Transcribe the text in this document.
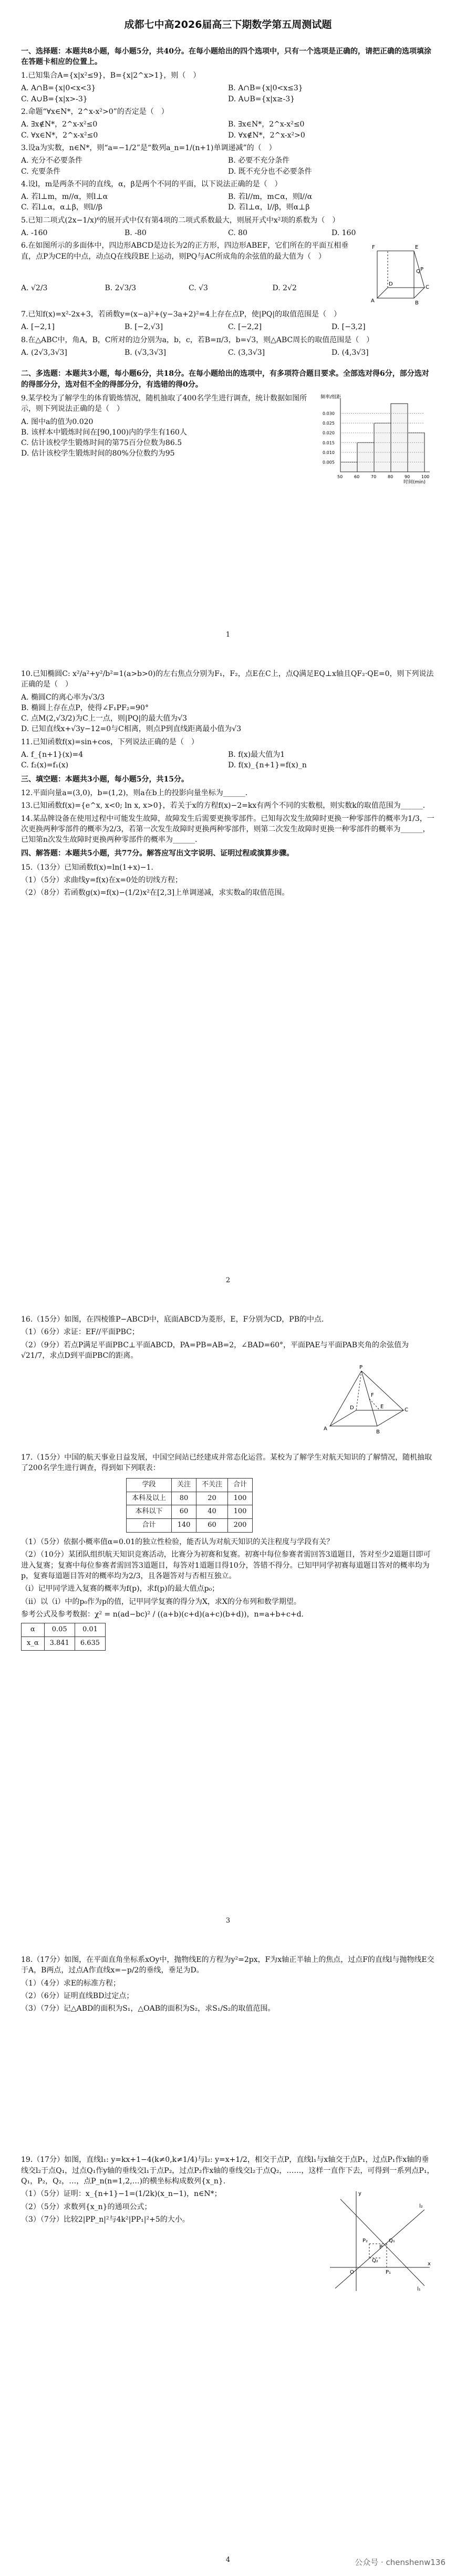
成都七中高2026届高三下期数学第五周测试题
一、选择题：本题共8小题，每小题5分，共40分。在每小题给出的四个选项中，只有一个选项是正确的，请把正确的选项填涂在答题卡相应的位置上。
1.已知集合A={x|x²≤9}，B={x|2^x>1}，则（　）
A. A∩B={x|0<x<3}	B. A∩B={x|0<x≤3}
C. A∪B={x|x>-3}	D. A∪B={x|x≥-3}
2.命题“∀x∈N*，2^x-x²>0”的否定是（　）
A. ∃x∉N*，2^x-x²≤0	B. ∃x∈N*，2^x-x²≤0
C. ∀x∈N*，2^x-x²≤0	D. ∀x∉N*，2^x-x²>0
3.设a为实数，n∈N*，则“a=−1/2”是“数列a_n=1/(n+1)单调递减”的（　）
A. 充分不必要条件	B. 必要不充分条件
C. 充要条件	D. 既不充分也不必要条件
4.设l，m是两条不同的直线，α，β是两个不同的平面，以下说法正确的是（　）
A. 若l⊥m，m//α，则l⊥α	B. 若l//m，m⊂α，则l//α
C. 若l⊥α，α⊥β，则l//β	D. 若l⊥α，l//β，则α⊥β
5.已知二项式(2x−1/x)⁶的展开式中仅有第4项的二项式系数最大，则展开式中x²项的系数为（　）
A. -160	B. -80	C. 80	D. 160
6.在如图所示的多面体中，四边形ABCD是边长为2的正方形，四边形ABEF，它们所在的平面互相垂直，点P为CE的中点，动点Q在线段BE上运动，则PQ与AC所成角的余弦值的最大值为（　）
A	B
C
D
E
F
P
Q
A. √2/3	B. 2√3/3	C. √3	D. 2√2
7.已知f(x)=x²-2x+3，若函数y=(x−a)²+(y−3a+2)²=4上存在点P，使|PQ|的取值范围是（　）
A. [−2,1]	B. [−2,√3]	C. [−2,2]	D. [−3,2]
8.在△ABC中，角A，B，C所对的边分别为a，b，c，若B=π/3，b=√3，则△ABC周长的取值范围是（　）
A. (2√3,3√3]	B. (√3,3√3]	C. (3,3√3]	D. (4,3√3]
二、多选题：本题共3小题，每小题6分，共18分。在每小题给出的选项中，有多项符合题目要求。全部选对得6分，部分选对的得部分分，选对但不全的得部分分，有选错的得0分。
9.某学校为了解学生的体育锻炼情况，随机抽取了400名学生进行调查，统计数据如图所示，则下列说法正确的是（　）
A. 图中a的值为0.020
B. 该样本中锻炼时间在[90,100)内的学生有160人
C. 估计该校学生锻炼时间的第75百分位数为86.5
D. 估计该校学生锻炼时间的80%分位数约为95
频率/组距
时间(min)
50	60	70	80	90	100
0.030
0.025
0.020
0.015
0.010
0.005
1
10.已知椭圆C: x²/a²+y²/b²=1(a>b>0)的左右焦点分别为F₁，F₂，点E在C上，点Q满足EQ⊥x轴且QF₂·QE=0，则下列说法正确的是（　）
A. 椭圆C的离心率为√3/3
B. 椭圆上存在点P，使得∠F₁PF₂=90°
C. 点M(2,√3/2)为C上一点，则|PQ|的最大值为√3
D. 已知直线x+√3y−12=0与C相离，则点P到直线距离最小值为√3
11.已知函数f(x)=sin+cos，下列说法正确的是（　）
A. f_{n+1}(x)=4	B. f(x)最大值为1
C. f₂(x)=f₁(x)	D. f(x)_{n+1}=f(x)_n
三、填空题：本题共3小题，每小题5分，共15分。
12.平面向量a=(3,0)，b=(1,2)，则a在b上的投影向量坐标为______.
13.已知函数f(x)={e^x, x<0; ln x, x>0}，若关于x的方程f(x)−2=kx有两个不同的实数根，则实数k的取值范围为______.
14.某品牌设备在使用过程中可能发生故障，故障发生后需要更换零部件。已知每次发生故障时更换一种零部件的概率为1/3，一次更换两种零部件的概率为2/3，若第一次发生故障时更换两种零部件，则第二次发生故障时更换一种零部件的概率为______，已知第n次发生故障时更换两种零部件的概率为______.
四、解答题：本题共5小题，共77分。解答应写出文字说明、证明过程或演算步骤。
15.（13分）已知函数f(x)=ln(1+x)−1.
（1）（5分）求曲线y=f(x)在x=0处的切线方程；
（2）（8分）若函数g(x)=f(x)−(1/2)x²在[2,3]上单调递减，求实数a的取值范围。
2
16.（15分）如图，在四棱锥P−ABCD中，底面ABCD为菱形，E，F分别为CD，PB的中点.
（1）（6分）求证：EF//平面PBC；
（2）（9分）若点P满足平面PBC⊥平面ABCD，PA=PB=AB=2，∠BAD=60°，平面PAE与平面PAB夹角的余弦值为√21/7，求点D到平面PBC的距离。
P
A
B
C
D	E
F
17.（15分）中国的航天事业日益发展，中国空间站已经建成并常态化运营。某校为了解学生对航天知识的了解情况，随机抽取了200名学生进行调查，得到如下列联表：
学段	关注	不关注	合计
本科及以上	80	20	100
本科以下	60	40	100
合计	140	60	200
（1）（5分）依据小概率值α=0.01的独立性检验，能否认为对航天知识的关注程度与学段有关？
（2）（10分）某团队组织航天知识竞赛活动，比赛分为初赛和复赛。初赛中每位参赛者需回答3道题目，答对至少2道题目即可进入复赛；复赛中每位参赛者需回答3道题目，每答对1道题目得10分，答错不得分。已知甲同学初赛每道题目答对的概率均为p，复赛每道题目答对的概率均为2/3，且各题答对与否相互独立。
（i）记甲同学进入复赛的概率为f(p)，求f(p)的最大值点p₀；
（ii）以（i）中的p₀作为p的值，记甲同学复赛的得分为X，求X的分布列和数学期望。
参考公式及参考数据：χ² = n(ad−bc)² / ((a+b)(c+d)(a+c)(b+d))，n=a+b+c+d.
α	0.05	0.01
x_α	3.841	6.635
3
18.（17分）如图，在平面直角坐标系xOy中，抛物线E的方程为y²=2px，F为x轴正半轴上的焦点，过点F的直线l与抛物线E交于A，B两点，过点A作直线x=−p/2的垂线，垂足为D。
（1）（4分）求E的标准方程；
（2）（6分）证明直线BD过定点；
（3）（7分）记△ABD的面积为S₁，△OAB的面积为S₂，求S₁/S₂的取值范围。
19.（17分）如图，直线l₁: y=kx+1−4(k≠0,k≠1/4)与l₂: y=x+1/2，相交于点P，直线l₁与x轴交于点P₁，过点P₁作x轴的垂线交l₂于点Q₁，过点Q₁作y轴的垂线交l₁于点P₂，过点P₂作x轴的垂线交l₂于点Q₂，……，这样一直作下去，可得到一系列点P₁，Q₁，P₂，Q₂，…，点P_n(n=1,2,…)的横坐标构成数列{x_n}.
（1）（5分）证明：x_{n+1}−1=(1/2k)(x_n−1)，n∈N*；
（2）（5分）求数列{x_n}的通项公式；
（3）（7分）比较2|PP_n|²与4k²|PP₁|²+5的大小。
y
x
O
P
P₁
Q₁
P₂
Q₂
l₁
l₂
4	公众号 · chenshenw136
